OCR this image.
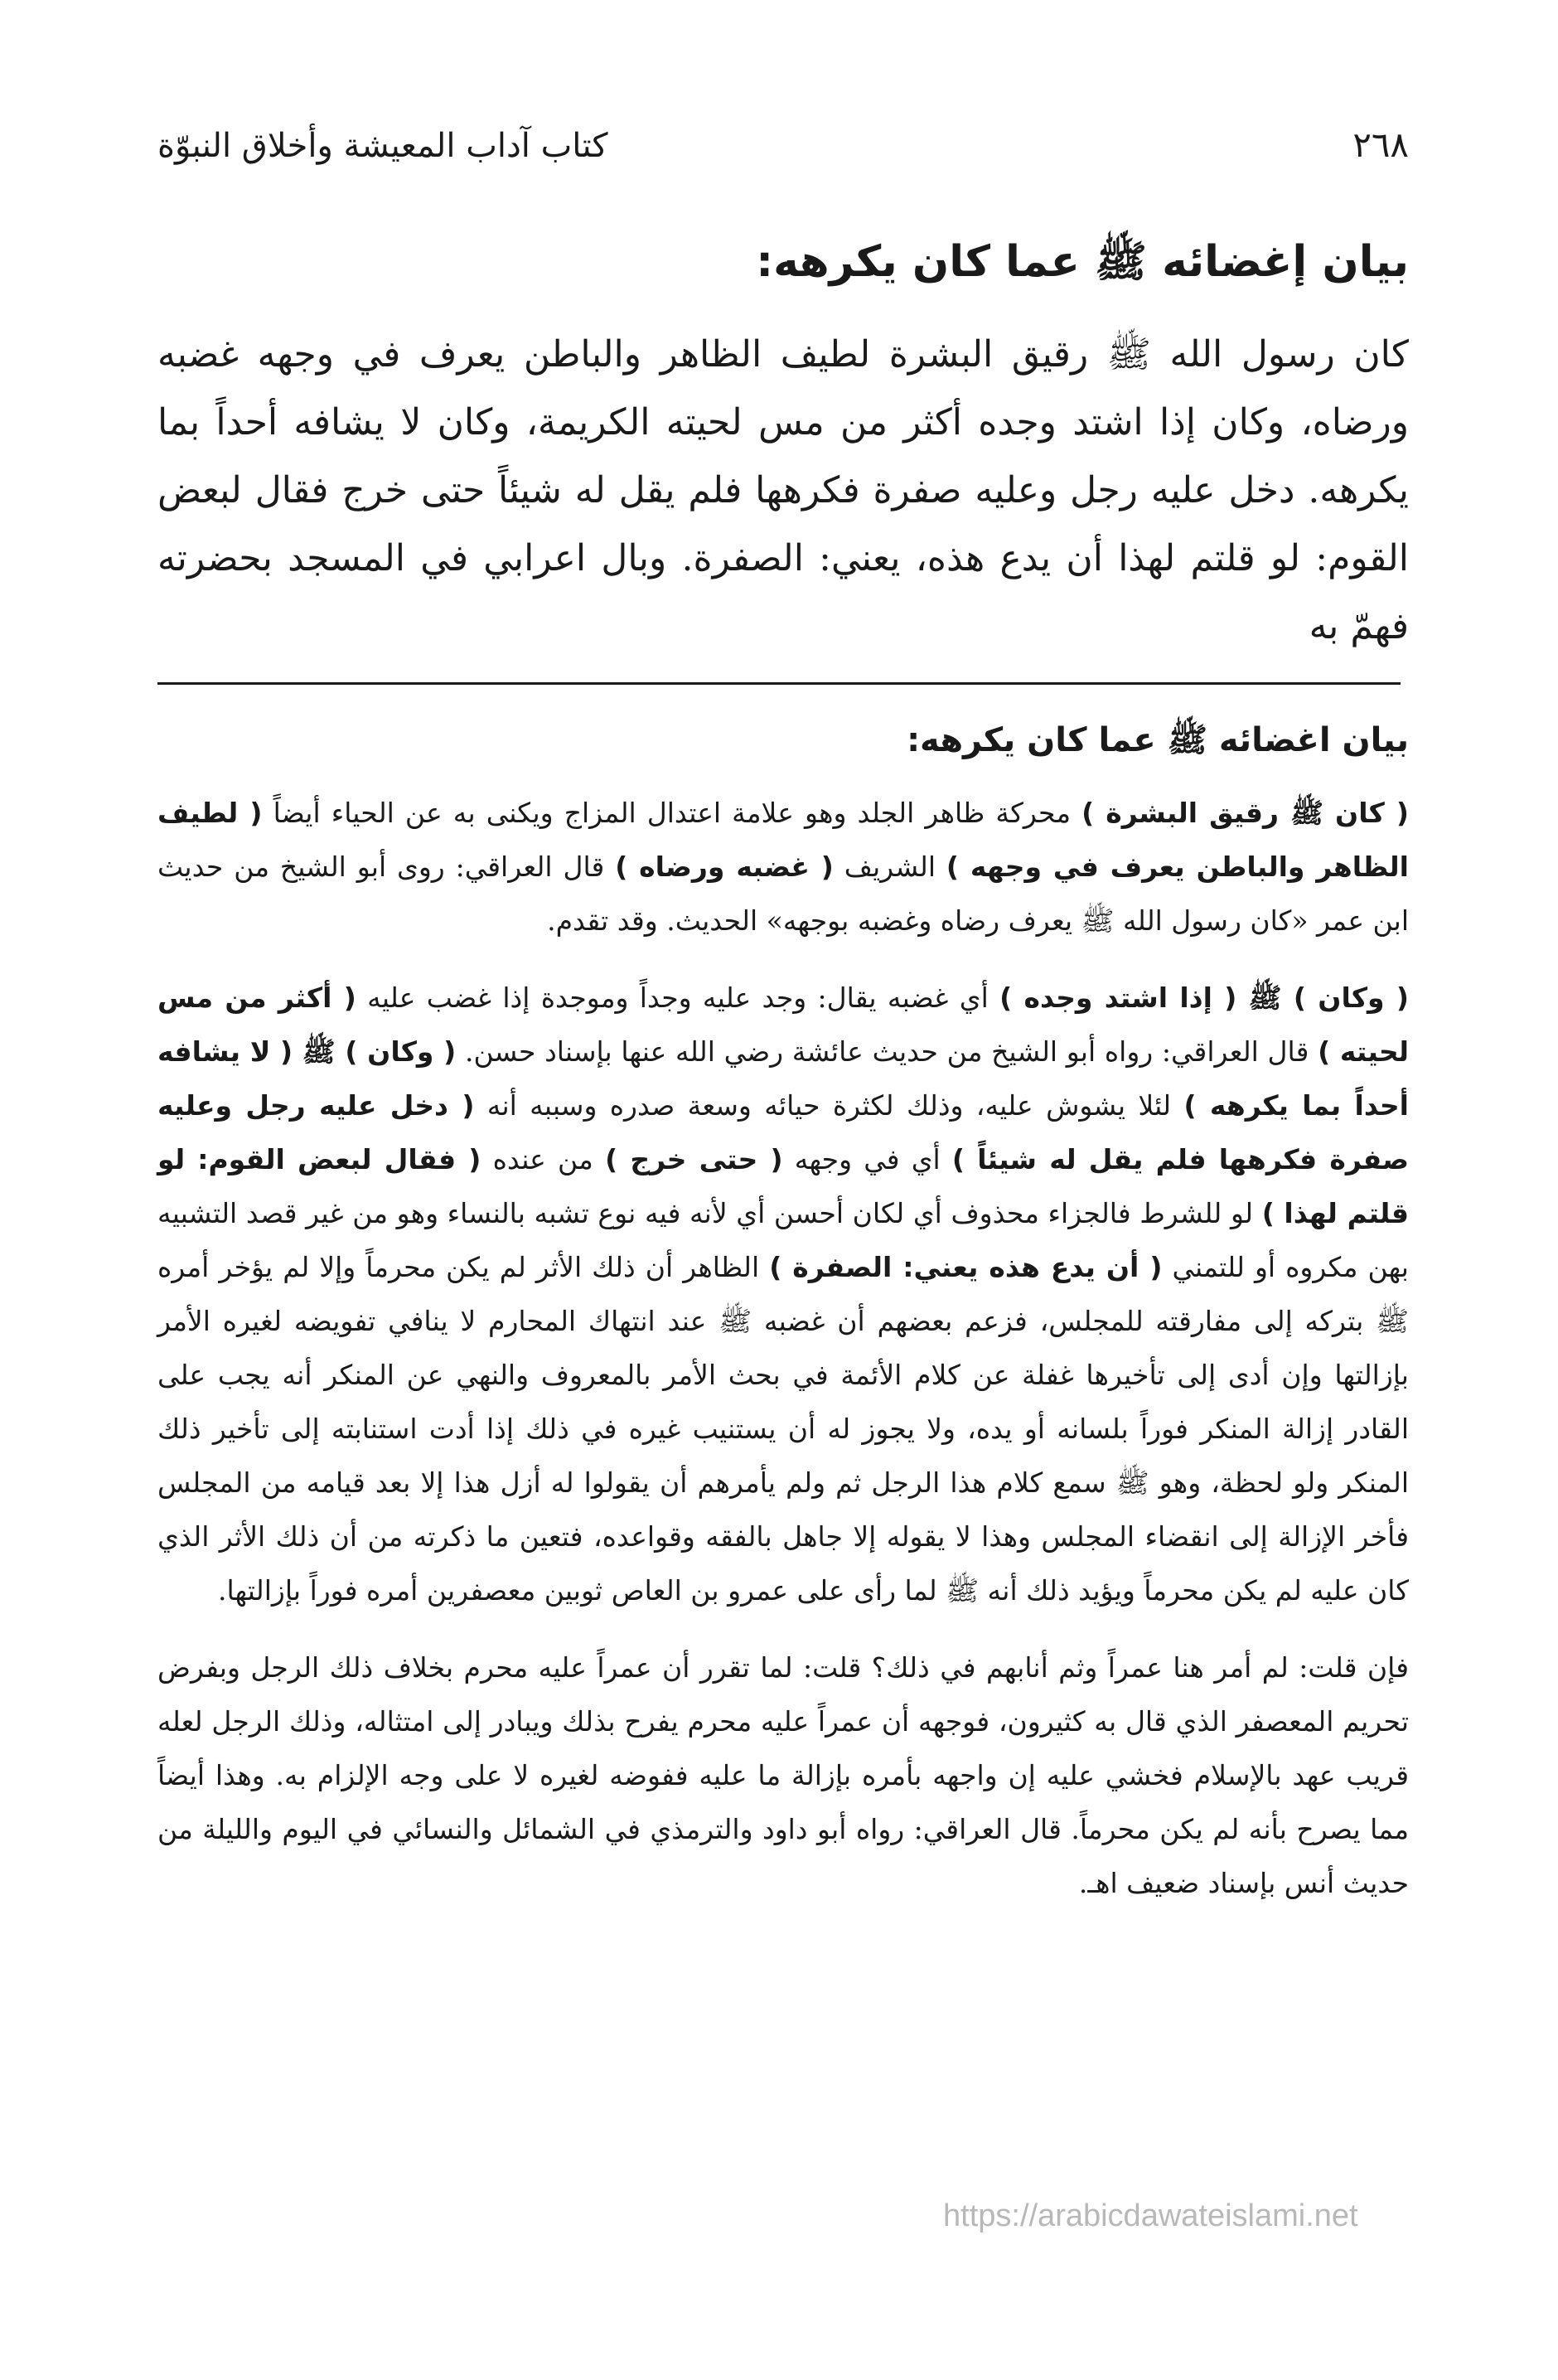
٢٦٨
كتاب آداب المعيشة وأخلاق النبوّة
بيان إغضائه ﷺ عما كان يكرهه:

كان رسول الله ﷺ رقيق البشرة لطيف الظاهر والباطن يعرف في وجهه غضبه ورضاه، وكان إذا اشتد وجده أكثر من مس لحيته الكريمة، وكان لا يشافه أحداً بما يكرهه. دخل عليه رجل وعليه صفرة فكرهها فلم يقل له شيئاً حتى خرج فقال لبعض القوم: لو قلتم لهذا أن يدع هذه، يعني: الصفرة. وبال اعرابي في المسجد بحضرته فهمّ به

بيان اغضائه ﷺ عما كان يكرهه:

( كان ﷺ رقيق البشرة ) محركة ظاهر الجلد وهو علامة اعتدال المزاج ويكنى به عن الحياء أيضاً ( لطيف الظاهر والباطن يعرف في وجهه ) الشريف ( غضبه ورضاه ) قال العراقي: روى أبو الشيخ من حديث ابن عمر «كان رسول الله ﷺ يعرف رضاه وغضبه بوجهه» الحديث. وقد تقدم.

( وكان ) ﷺ ( إذا اشتد وجده ) أي غضبه يقال: وجد عليه وجداً وموجدة إذا غضب عليه ( أكثر من مس لحيته ) قال العراقي: رواه أبو الشيخ من حديث عائشة رضي الله عنها بإسناد حسن. ( وكان ) ﷺ ( لا يشافه أحداً بما يكرهه ) لئلا يشوش عليه، وذلك لكثرة حيائه وسعة صدره وسببه أنه ( دخل عليه رجل وعليه صفرة فكرهها فلم يقل له شيئاً ) أي في وجهه ( حتى خرج ) من عنده ( فقال لبعض القوم: لو قلتم لهذا ) لو للشرط فالجزاء محذوف أي لكان أحسن أي لأنه فيه نوع تشبه بالنساء وهو من غير قصد التشبيه بهن مكروه أو للتمني ( أن يدع هذه يعني: الصفرة ) الظاهر أن ذلك الأثر لم يكن محرماً وإلا لم يؤخر أمره ﷺ بتركه إلى مفارقته للمجلس، فزعم بعضهم أن غضبه ﷺ عند انتهاك المحارم لا ينافي تفويضه لغيره الأمر بإزالتها وإن أدى إلى تأخيرها غفلة عن كلام الأئمة في بحث الأمر بالمعروف والنهي عن المنكر أنه يجب على القادر إزالة المنكر فوراً بلسانه أو يده، ولا يجوز له أن يستنيب غيره في ذلك إذا أدت استنابته إلى تأخير ذلك المنكر ولو لحظة، وهو ﷺ سمع كلام هذا الرجل ثم ولم يأمرهم أن يقولوا له أزل هذا إلا بعد قيامه من المجلس فأخر الإزالة إلى انقضاء المجلس وهذا لا يقوله إلا جاهل بالفقه وقواعده، فتعين ما ذكرته من أن ذلك الأثر الذي كان عليه لم يكن محرماً ويؤيد ذلك أنه ﷺ لما رأى على عمرو بن العاص ثوبين معصفرين أمره فوراً بإزالتها.

فإن قلت: لم أمر هنا عمراً وثم أنابهم في ذلك؟ قلت: لما تقرر أن عمراً عليه محرم بخلاف ذلك الرجل وبفرض تحريم المعصفر الذي قال به كثيرون، فوجهه أن عمراً عليه محرم يفرح بذلك ويبادر إلى امتثاله، وذلك الرجل لعله قريب عهد بالإسلام فخشي عليه إن واجهه بأمره بإزالة ما عليه ففوضه لغيره لا على وجه الإلزام به. وهذا أيضاً مما يصرح بأنه لم يكن محرماً. قال العراقي: رواه أبو داود والترمذي في الشمائل والنسائي في اليوم والليلة من حديث أنس بإسناد ضعيف اهـ.

https://arabicdawateislami.net
